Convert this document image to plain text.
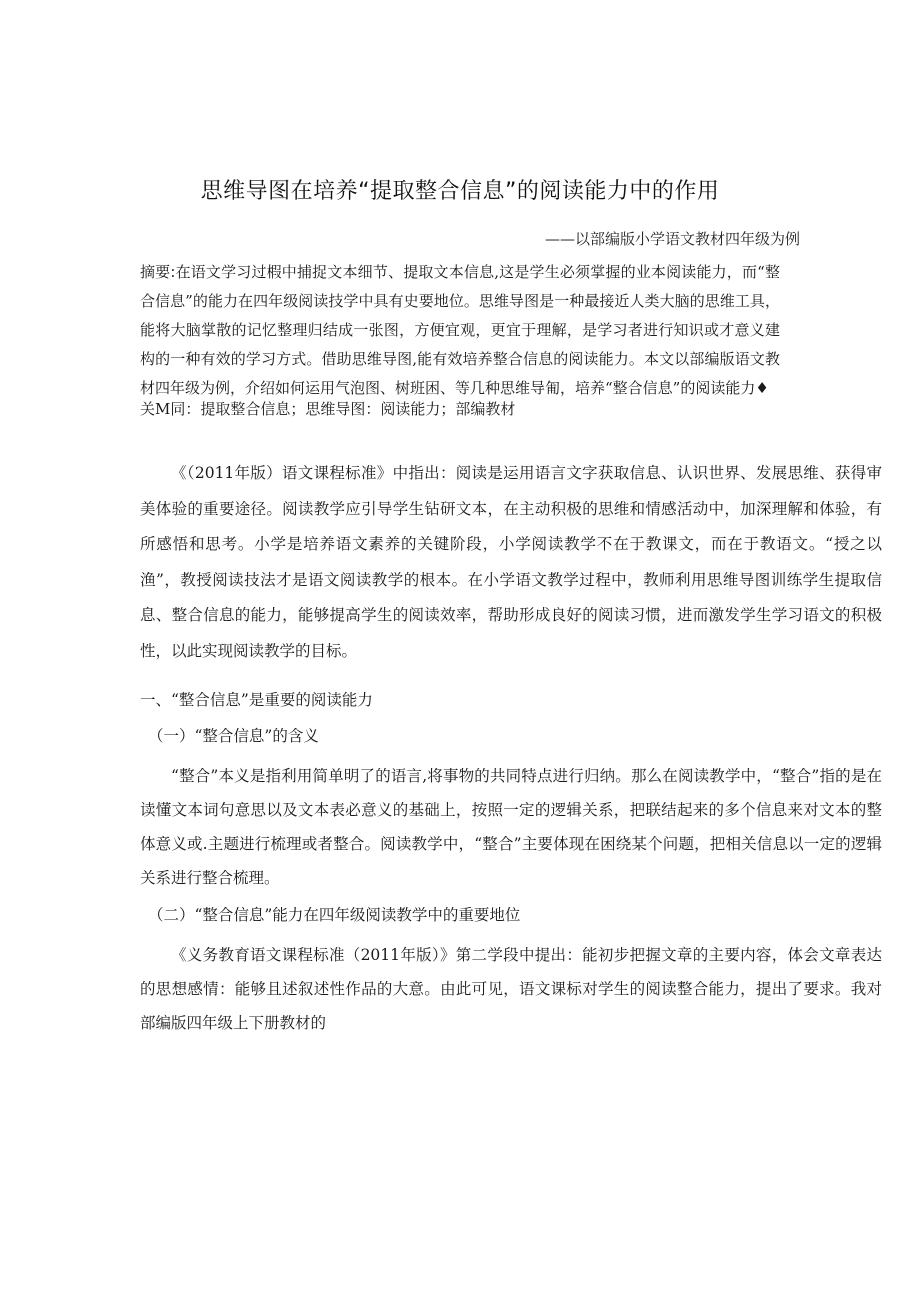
思维导图在培养“提取整合信息”的阅读能力中的作用
——以部编版小学语文教材四年级为例
摘要:在语文学习过椵中捕捉文本细节、提取文本信息,这是学生必须掌握的业本阅读能力，而“整合信息”的能力在四年级阅读技学中具有史要地位。思维导图是一种最接近人类大脑的思维工具，能将大脑掌散的记忆整理归结成一张图，方便宜观，更宜于理解，是学习者进行知识或才意义建构的一种有效的学习方式。借助思维导图,能有效培养整合信息的阅读能力。本文以部编版语文教材四年级为例，介绍如何运用气泡图、树班困、等几种思维导匍，培养“整合信息”的阅读能力♦
关M同：提取整合信息；思维导图：阅读能力；部编教材
《（2011年版）语文课程标准》中指出：阅读是运用语言文字获取信息、认识世界、发展思维、获得审美体验的重要途径。阅读教学应引导学生钻研文本，在主动积极的思维和情感活动中，加深理解和体验，有所感悟和思考。小学是培养语文素养的关键阶段，小学阅读教学不在于教课文，而在于教语文。“授之以渔”，教授阅读技法才是语文阅读教学的根本。在小学语文教学过程中，教师利用思维导图训练学生提取信息、整合信息的能力，能够提高学生的阅读效率，帮助形成良好的阅读习惯，进而激发学生学习语文的积极性，以此实现阅读教学的目标。
一、“整合信息”是重要的阅读能力
（一）“整合信息”的含义
“整合”本义是指利用简单明了的语言,将事物的共同特点进行归纳。那么在阅读教学中，“整合”指的是在读懂文本词句意思以及文本表必意义的基础上，按照一定的逻辑关系，把联结起来的多个信息来对文本的整体意义或.主题进行梳理或者整合。阅读教学中，“整合”主要体现在困绕某个问题，把相关信息以一定的逻辑关系进行整合梳理。
（二）“整合信息”能力在四年级阅读教学中的重要地位
《义务教育语文课程标准（2011年版）》第二学段中提出：能初步把握文章的主要内容，体会文章表达的思想感情：能够且述叙述性作品的大意。由此可见，语文课标对学生的阅读整合能力，提出了要求。我对部编版四年级上下册教材的
